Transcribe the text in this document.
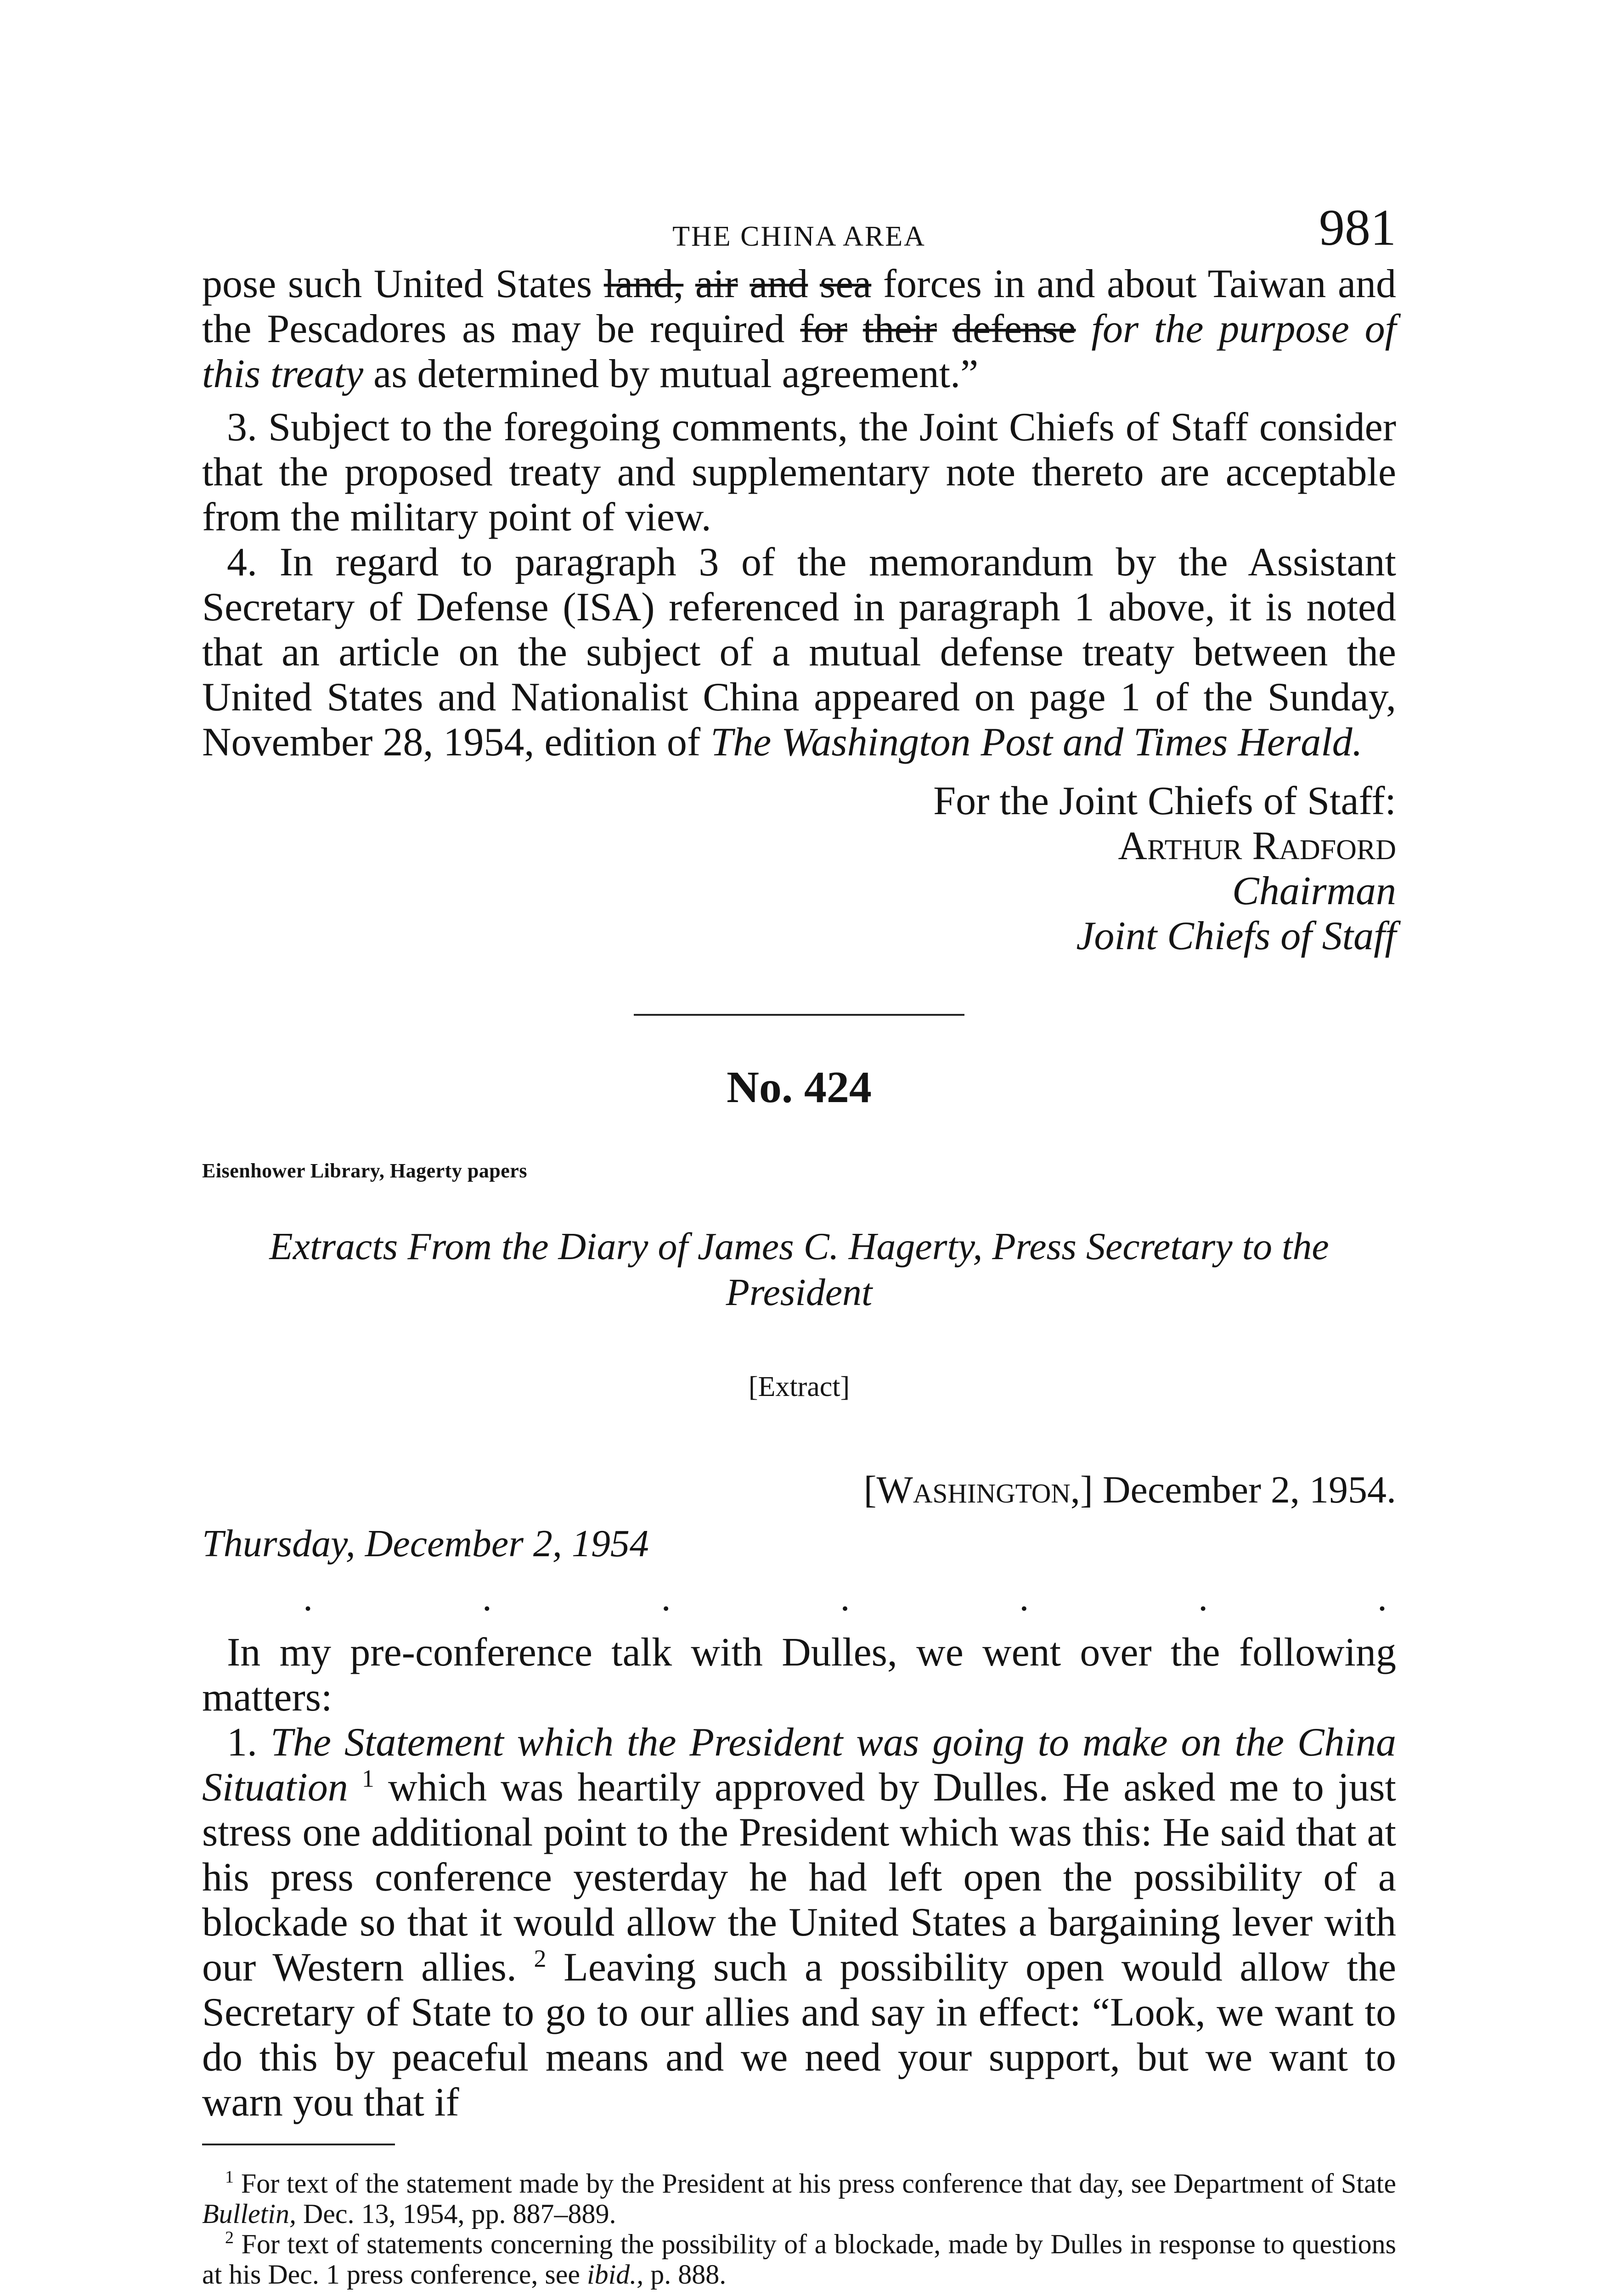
THE CHINA AREA	981

pose such United States land, air and sea forces in and about Taiwan and the Pescadores as may be required for their defense for the purpose of this treaty as determined by mutual agreement.”

3. Subject to the foregoing comments, the Joint Chiefs of Staff consider that the proposed treaty and supplementary note thereto are acceptable from the military point of view.

4. In regard to paragraph 3 of the memorandum by the Assistant Secretary of Defense (ISA) referenced in paragraph 1 above, it is noted that an article on the subject of a mutual defense treaty between the United States and Nationalist China appeared on page 1 of the Sunday, November 28, 1954, edition of The Washington Post and Times Herald.

For the Joint Chiefs of Staff:
Arthur Radford
Chairman
Joint Chiefs of Staff
No. 424
Eisenhower Library, Hagerty papers
Extracts From the Diary of James C. Hagerty, Press Secretary to the President
[Extract]
[Washington,] December 2, 1954.
Thursday, December 2, 1954
.	.	.	.	.	.	.

In my pre-conference talk with Dulles, we went over the following matters:

1. The Statement which the President was going to make on the China Situation $^1$ which was heartily approved by Dulles. He asked me to just stress one additional point to the President which was this: He said that at his press conference yesterday he had left open the possibility of a blockade so that it would allow the United States a bargaining lever with our Western allies. $^2$ Leaving such a possibility open would allow the Secretary of State to go to our allies and say in effect: “Look, we want to do this by peaceful means and we need your support, but we want to warn you that if

$^1$ For text of the statement made by the President at his press conference that day, see Department of State Bulletin, Dec. 13, 1954, pp. 887–889.

$^2$ For text of statements concerning the possibility of a blockade, made by Dulles in response to questions at his Dec. 1 press conference, see ibid., p. 888.
